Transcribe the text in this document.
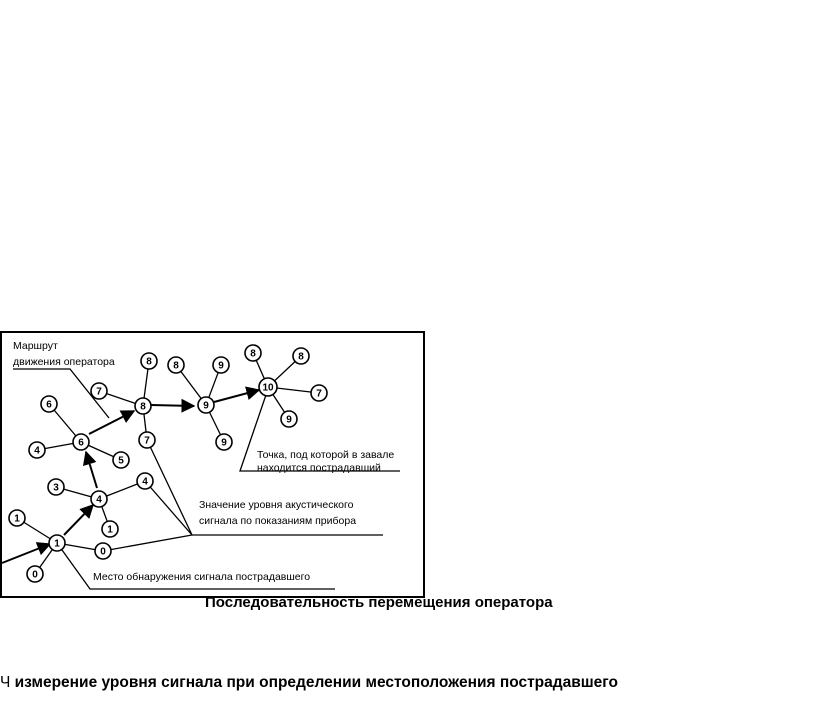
Маршрут
движения оператора
Точка, под которой в завале
находится пострадавший
Значение уровня акустического
сигнала по показаниям прибора
Место обнаружения сигнала пострадавшего
1
0
1
0
4
3
1
4
6
4
6
5
8
7
8
7
9
8	9
9
10
8	8
7
9
Последовательность перемещения оператора
Ч измерение уровня сигнала при определении местоположения пострадавшего
